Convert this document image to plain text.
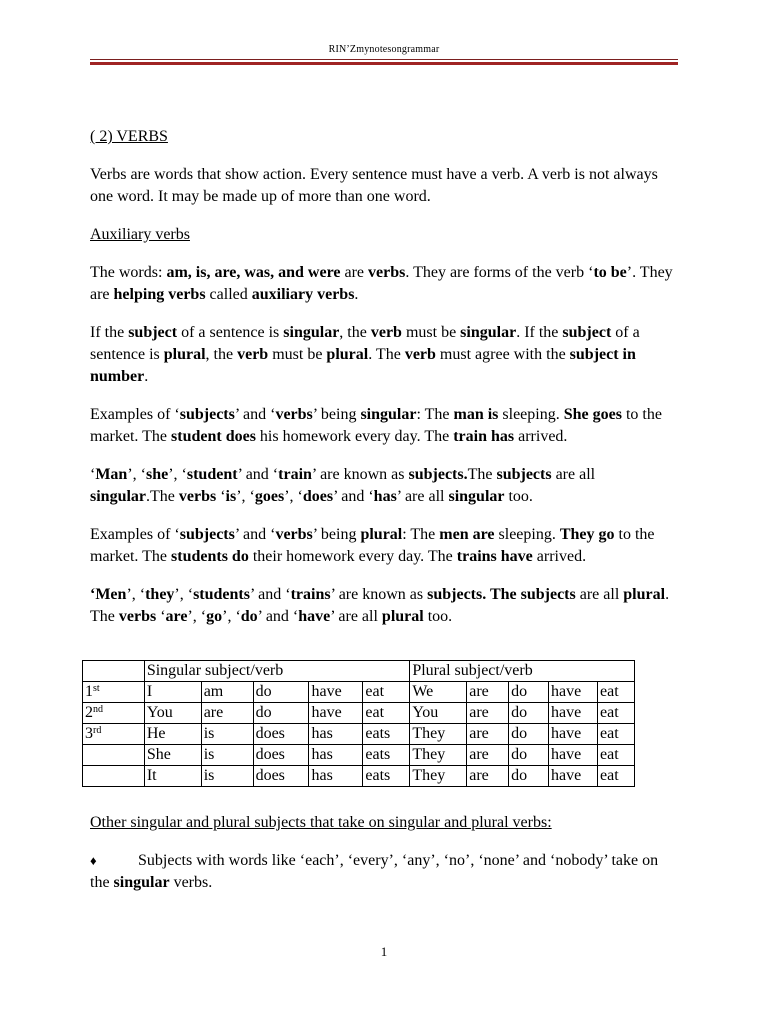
RIN’Zmynotesongrammar

( 2) VERBS

Verbs are words that show action. Every sentence must have a verb. A verb is not always one word. It may be made up of more than one word.

Auxiliary verbs

The words: am, is, are, was, and were are verbs. They are forms of the verb ‘to be’. They are helping verbs called auxiliary verbs.

If the subject of a sentence is singular, the verb must be singular. If the subject of a sentence is plural, the verb must be plural. The verb must agree with the subject in number.

Examples of ‘subjects’ and ‘verbs’ being singular: The man is sleeping. She goes to the market. The student does his homework every day. The train has arrived.

‘Man’, ‘she’, ‘student’ and ‘train’ are known as subjects.The subjects are all singular.The verbs ‘is’, ‘goes’, ‘does’ and ‘has’ are all singular too.

Examples of ‘subjects’ and ‘verbs’ being plural: The men are sleeping. They go to the market. The students do their homework every day. The trains have arrived.

‘Men’, ‘they’, ‘students’ and ‘trains’ are known as subjects. The subjects are all plural. The verbs ‘are’, ‘go’, ‘do’ and ‘have’ are all plural too.

	Singular subject/verb					Plural subject/verb				
1st	I	am	do	have	eat	We	are	do	have	eat
2nd	You	are	do	have	eat	You	are	do	have	eat
3rd	He	is	does	has	eats	They	are	do	have	eat
	She	is	does	has	eats	They	are	do	have	eat
	It	is	does	has	eats	They	are	do	have	eat

Other singular and plural subjects that take on singular and plural verbs:

♦	Subjects with words like ‘each’, ‘every’, ‘any’, ‘no’, ‘none’ and ‘nobody’ take on the singular verbs.

1
